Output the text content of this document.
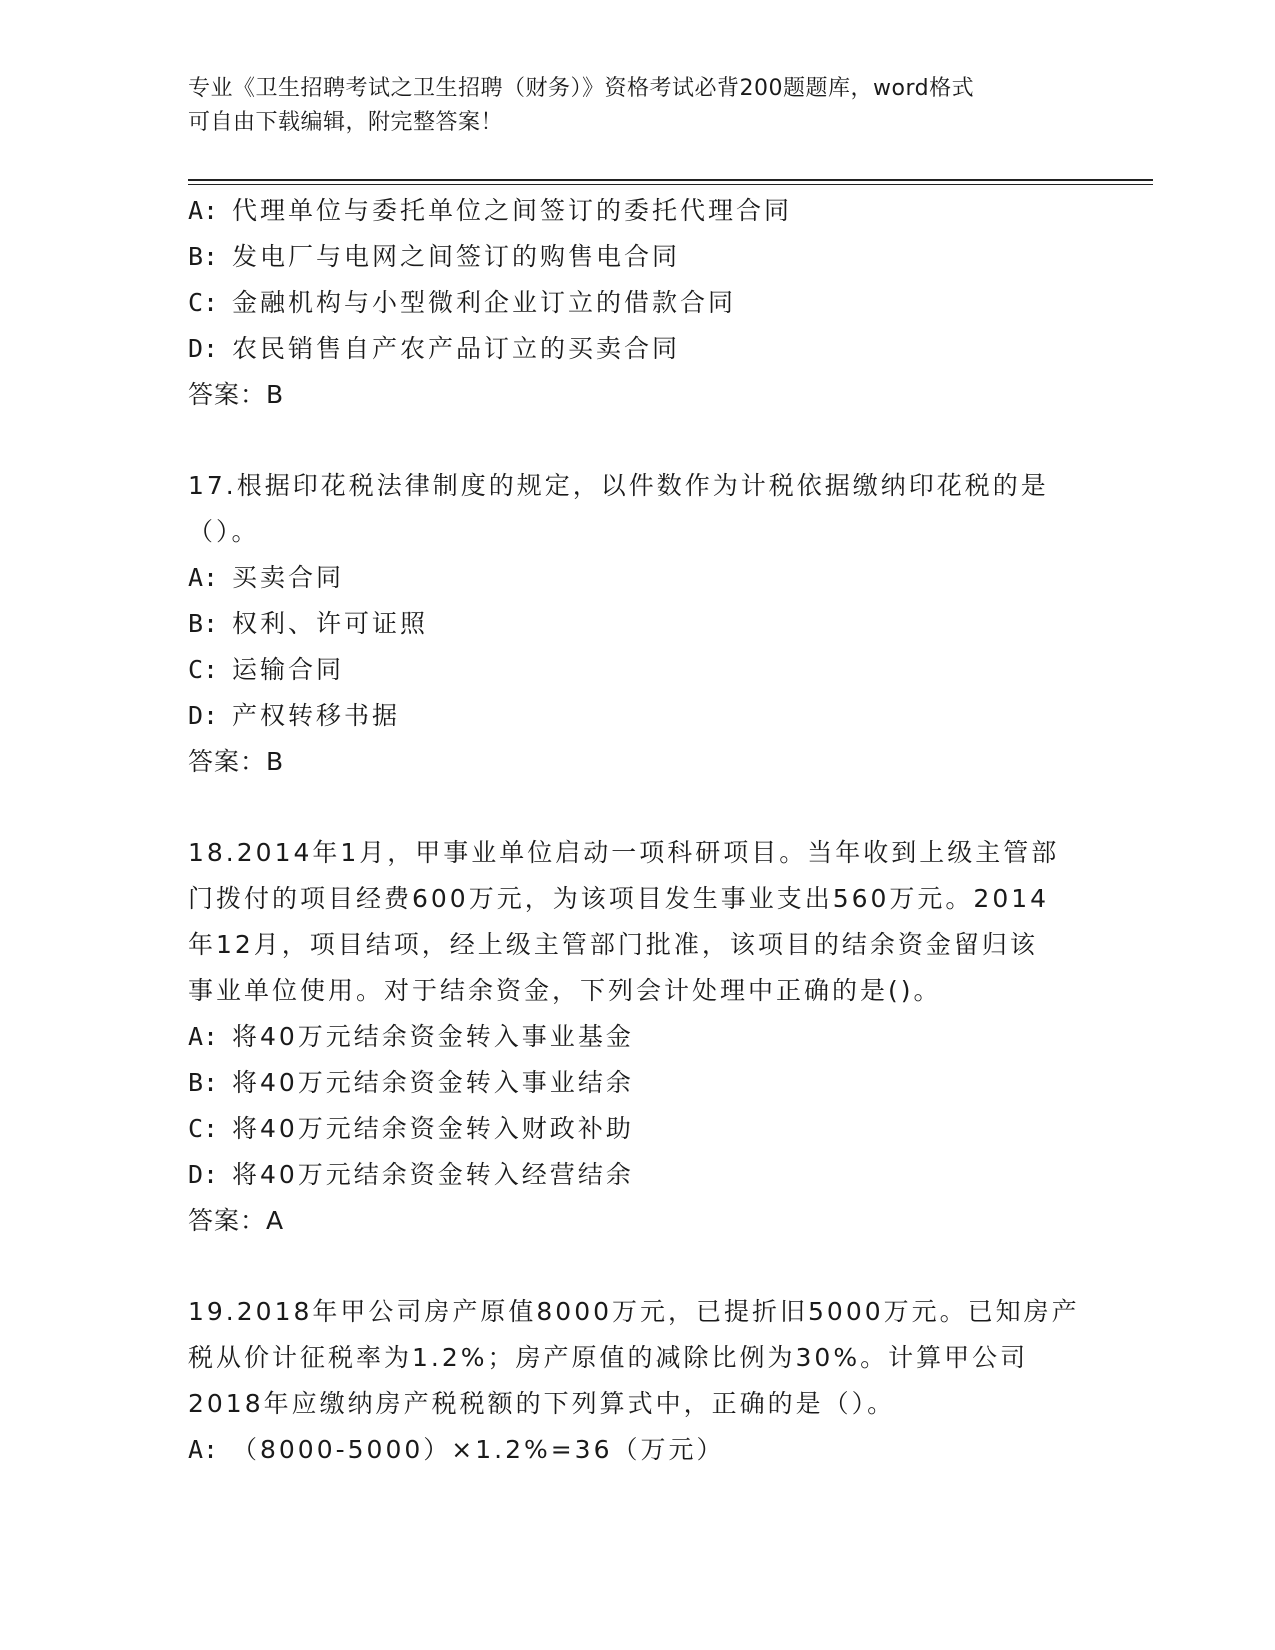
专业《卫生招聘考试之卫生招聘（财务）》资格考试必背200题题库，word格式
可自由下载编辑，附完整答案！
A: 代理单位与委托单位之间签订的委托代理合同
B: 发电厂与电网之间签订的购售电合同
C: 金融机构与小型微利企业订立的借款合同
D: 农民销售自产农产品订立的买卖合同
答案：B
17.根据印花税法律制度的规定，以件数作为计税依据缴纳印花税的是
（）。
A: 买卖合同
B: 权利、许可证照
C: 运输合同
D: 产权转移书据
答案：B
18.2014年1月，甲事业单位启动一项科研项目。当年收到上级主管部
门拨付的项目经费600万元，为该项目发生事业支出560万元。2014
年12月，项目结项，经上级主管部门批准，该项目的结余资金留归该
事业单位使用。对于结余资金，下列会计处理中正确的是()。
A: 将40万元结余资金转入事业基金
B: 将40万元结余资金转入事业结余
C: 将40万元结余资金转入财政补助
D: 将40万元结余资金转入经营结余
答案：A
19.2018年甲公司房产原值8000万元，已提折旧5000万元。已知房产
税从价计征税率为1.2%；房产原值的减除比例为30%。计算甲公司
2018年应缴纳房产税税额的下列算式中，正确的是（）。
A: （8000-5000）×1.2%=36（万元）
